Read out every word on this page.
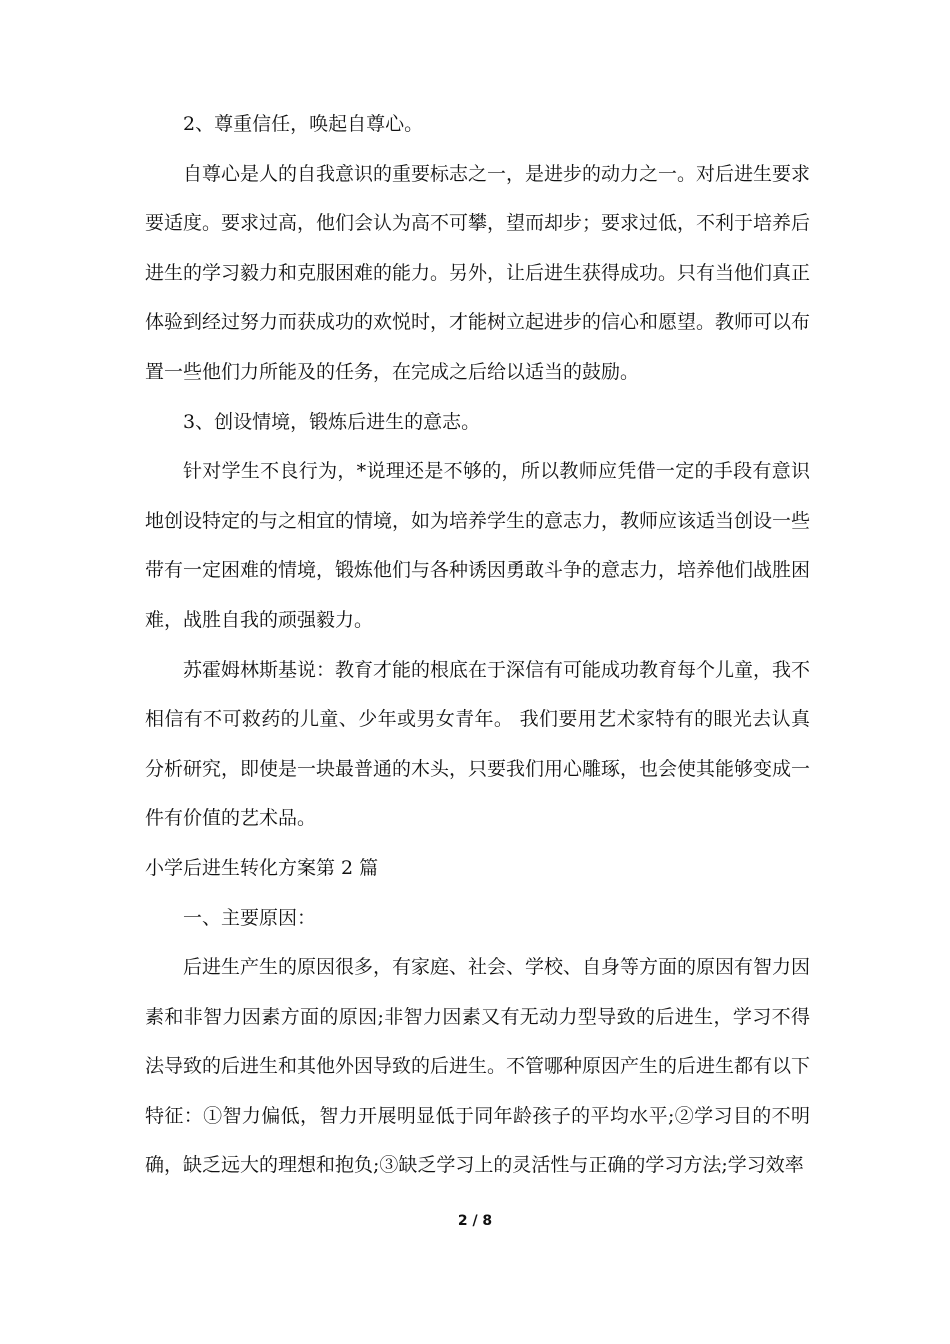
2、尊重信任，唤起自尊心。

自尊心是人的自我意识的重要标志之一，是进步的动力之一。对后进生要求要适度。要求过高，他们会认为高不可攀，望而却步；要求过低，不利于培养后进生的学习毅力和克服困难的能力。另外，让后进生获得成功。只有当他们真正体验到经过努力而获成功的欢悦时，才能树立起进步的信心和愿望。教师可以布置一些他们力所能及的任务，在完成之后给以适当的鼓励。

3、创设情境，锻炼后进生的意志。

针对学生不良行为，*说理还是不够的，所以教师应凭借一定的手段有意识地创设特定的与之相宜的情境，如为培养学生的意志力，教师应该适当创设一些带有一定困难的情境，锻炼他们与各种诱因勇敢斗争的意志力，培养他们战胜困难，战胜自我的顽强毅力。

苏霍姆林斯基说：教育才能的根底在于深信有可能成功教育每个儿童，我不相信有不可救药的儿童、少年或男女青年。 我们要用艺术家特有的眼光去认真分析研究，即使是一块最普通的木头，只要我们用心雕琢，也会使其能够变成一件有价值的艺术品。

小学后进生转化方案第 2 篇

一、主要原因：

后进生产生的原因很多，有家庭、社会、学校、自身等方面的原因有智力因素和非智力因素方面的原因;非智力因素又有无动力型导致的后进生，学习不得法导致的后进生和其他外因导致的后进生。不管哪种原因产生的后进生都有以下特征：①智力偏低，智力开展明显低于同年龄孩子的平均水平;②学习目的不明确，缺乏远大的理想和抱负;③缺乏学习上的灵活性与正确的学习方法;学习效率

2 / 8
